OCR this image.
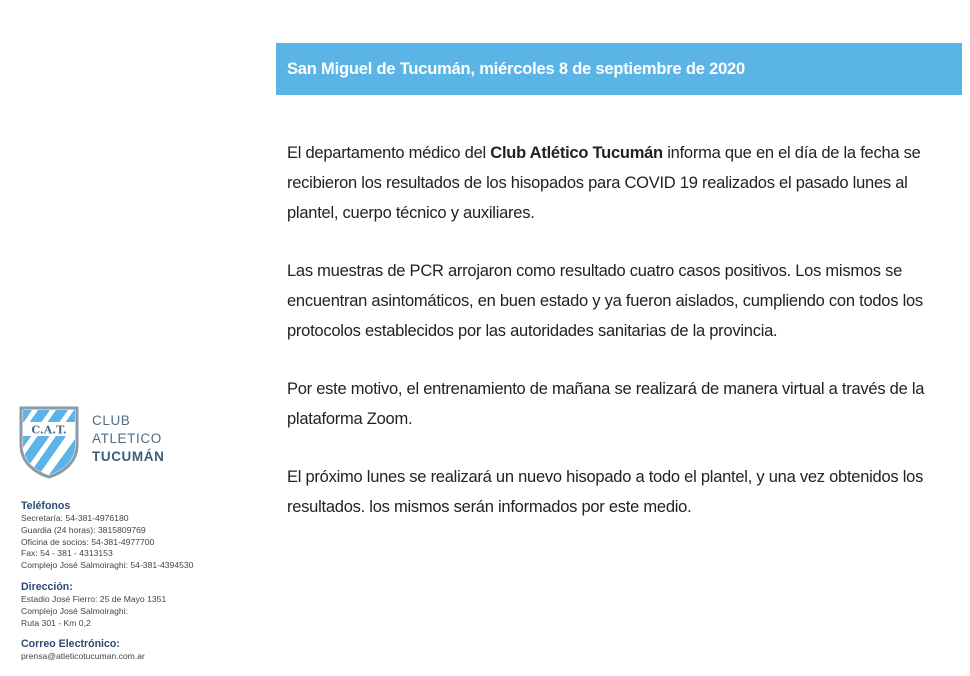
San Miguel de Tucumán, miércoles 8 de septiembre de 2020

El departamento médico del Club Atlético Tucumán informa que en el día de la fecha se recibieron los resultados de los hisopados para COVID 19 realizados el pasado lunes al plantel, cuerpo técnico y auxiliares.

Las muestras de PCR arrojaron como resultado cuatro casos positivos. Los mismos se encuentran asintomáticos, en buen estado y ya fueron aislados, cumpliendo con todos los protocolos establecidos por las autoridades sanitarias de la provincia.

Por este motivo, el entrenamiento de mañana se realizará de manera virtual a través de la plataforma Zoom.

El próximo lunes se realizará un nuevo hisopado a todo el plantel, y una vez obtenidos los resultados. los mismos serán informados por este medio.

C.A.T.
CLUB
ATLETICO
TUCUMÁN
Teléfonos
Secretaría: 54-381-4976180
Guardia (24 horas): 3815809769
Oficina de socios: 54-381-4977700
Fax: 54 - 381 - 4313153
Complejo José Salmoiraghi: 54-381-4394530
Dirección:
Estadio José Fierro: 25 de Mayo 1351
Complejo José Salmoiraghi:
Ruta 301 - Km 0,2
Correo Electrónico:
prensa@atleticotucuman.com.ar
